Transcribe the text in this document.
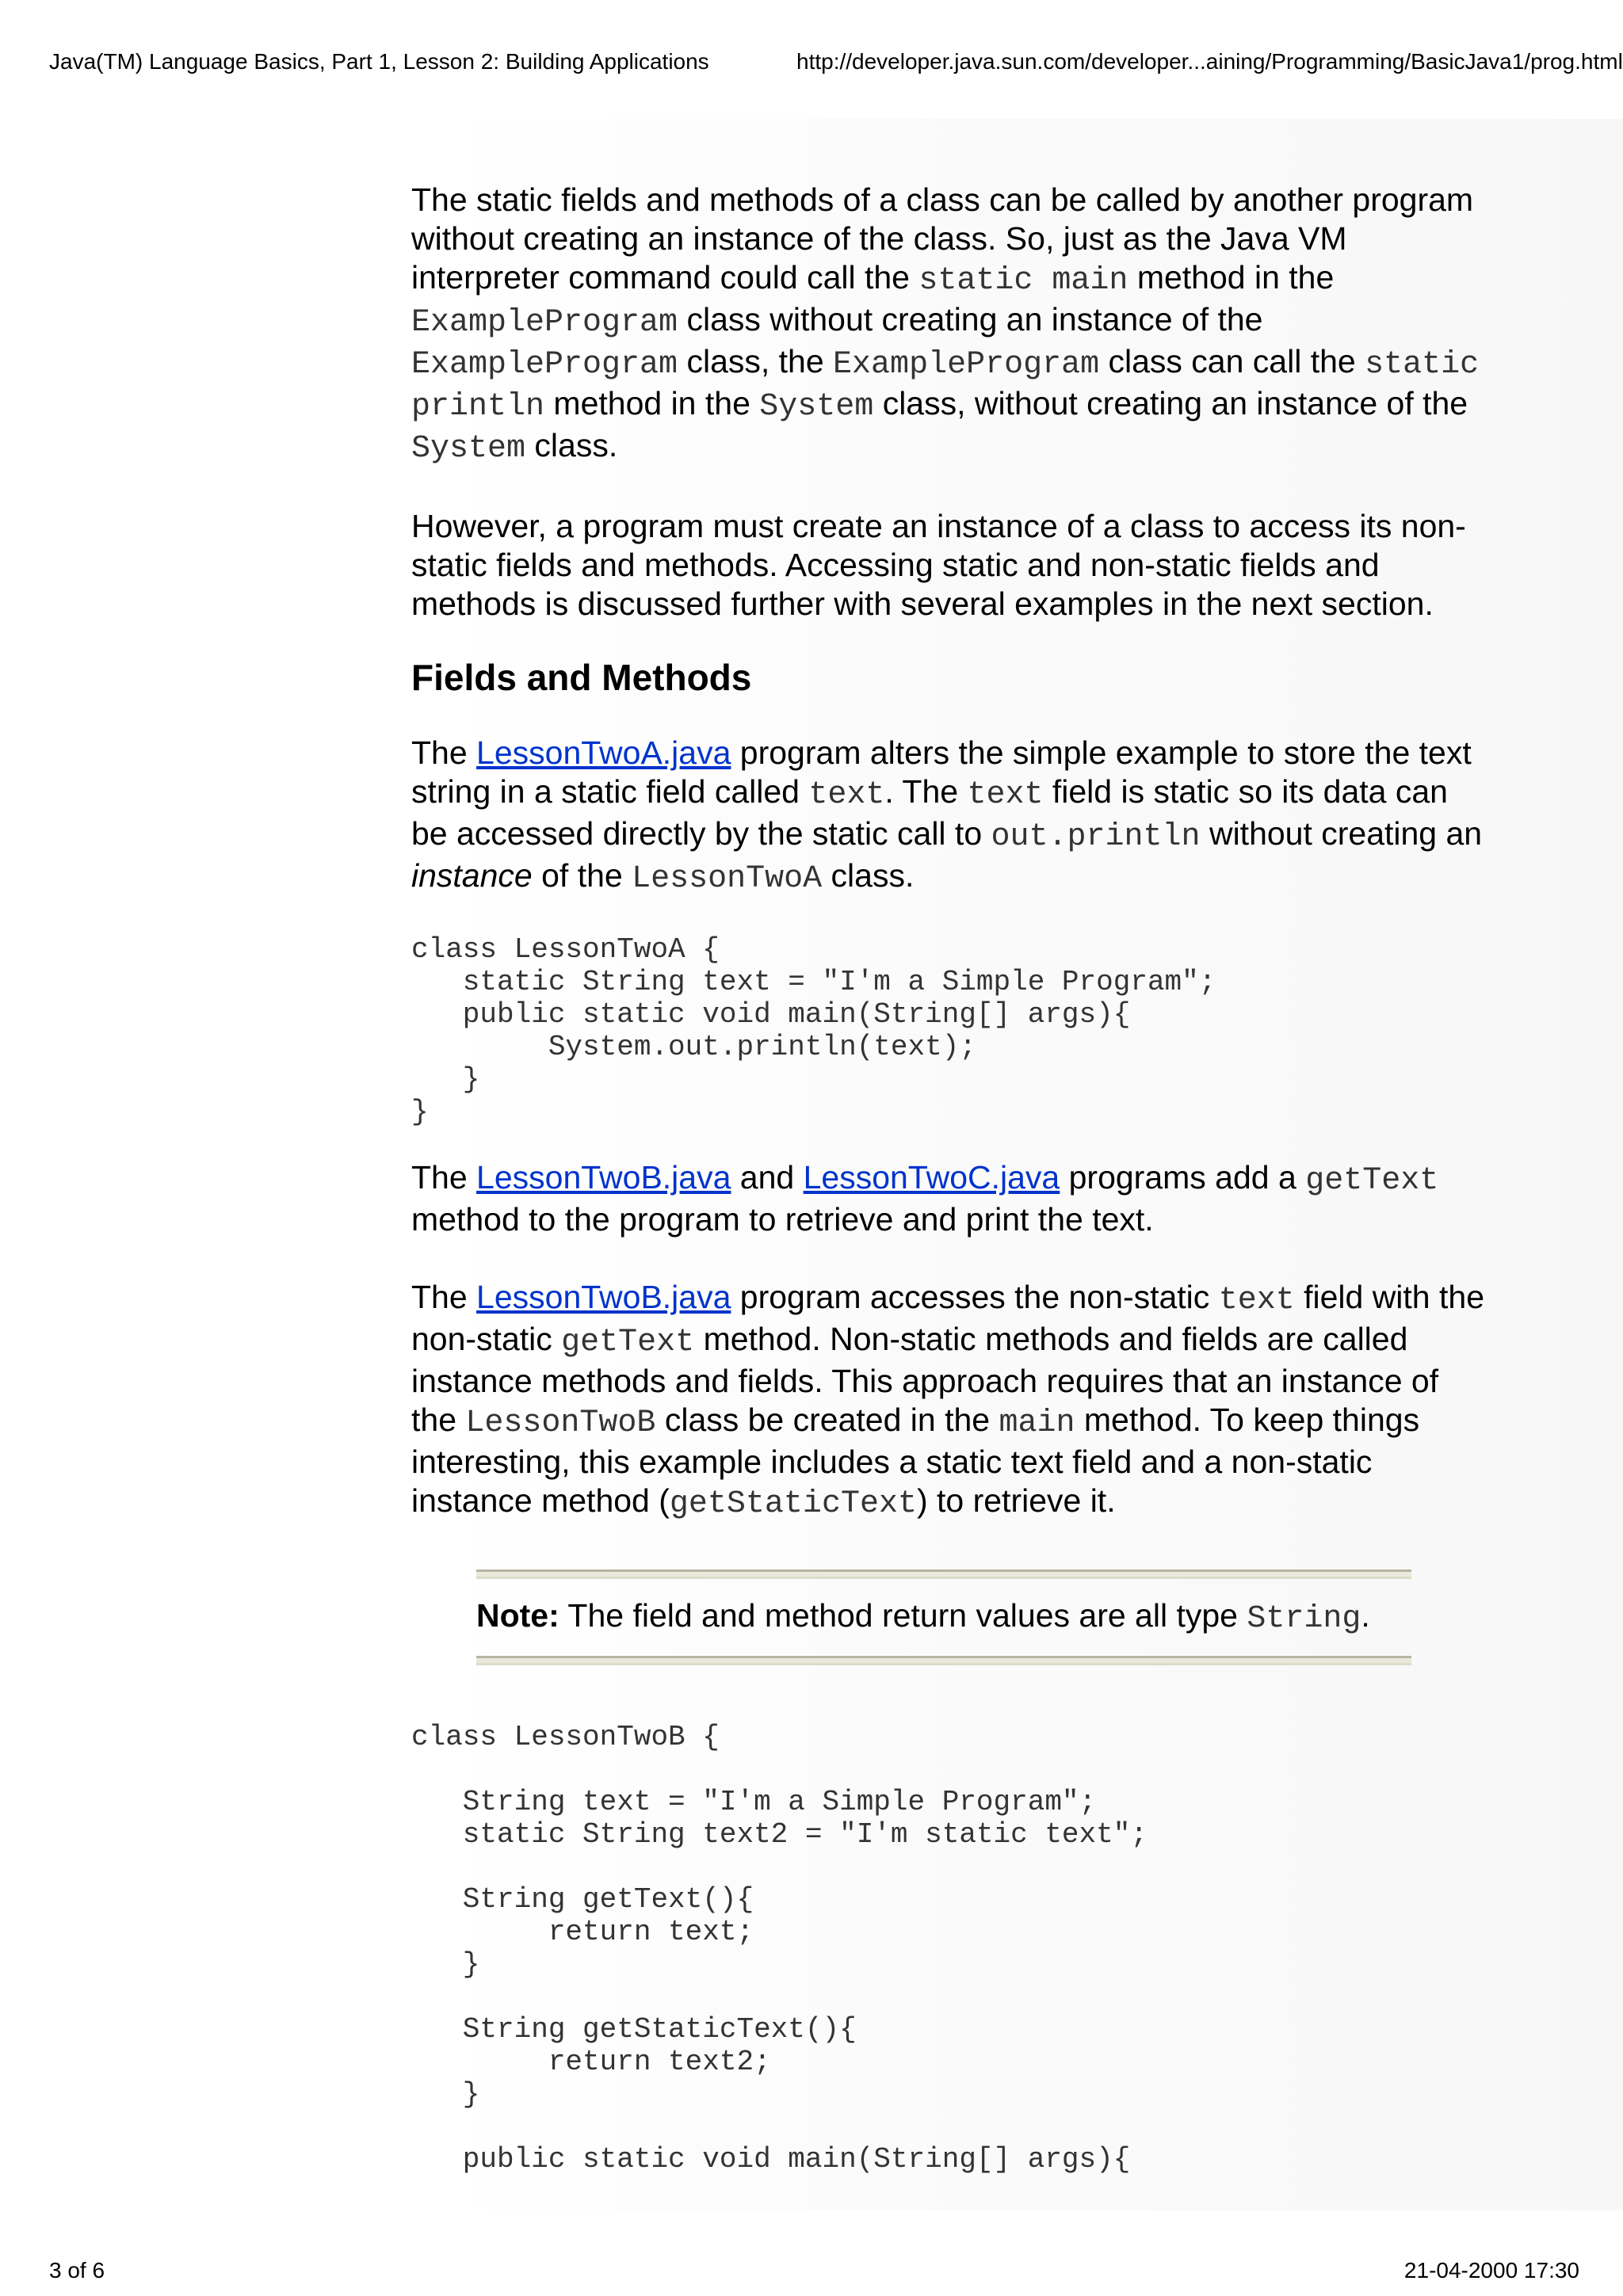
Java(TM) Language Basics, Part 1, Lesson 2: Building Applications	http://developer.java.sun.com/developer...aining/Programming/BasicJava1/prog.html

The static fields and methods of a class can be called by another program without creating an instance of the class. So, just as the Java VM interpreter command could call the static main method in the ExampleProgram class without creating an instance of the ExampleProgram class, the ExampleProgram class can call the static println method in the System class, without creating an instance of the System class.

However, a program must create an instance of a class to access its non-static fields and methods. Accessing static and non-static fields and methods is discussed further with several examples in the next section.

Fields and Methods

The LessonTwoA.java program alters the simple example to store the text string in a static field called text. The text field is static so its data can be accessed directly by the static call to out.println without creating an instance of the LessonTwoA class.

class LessonTwoA {
static String text = "I'm a Simple Program";
public static void main(String[] args){
System.out.println(text);
}
}

The LessonTwoB.java and LessonTwoC.java programs add a getText method to the program to retrieve and print the text.

The LessonTwoB.java program accesses the non-static text field with the non-static getText method. Non-static methods and fields are called instance methods and fields. This approach requires that an instance of the LessonTwoB class be created in the main method. To keep things interesting, this example includes a static text field and a non-static instance method (getStaticText) to retrieve it.

Note: The field and method return values are all type String.

class LessonTwoB {

String text = "I'm a Simple Program";
static String text2 = "I'm static text";

String getText(){
return text;
}

String getStaticText(){
return text2;
}

public static void main(String[] args){
3 of 6	21-04-2000 17:30
